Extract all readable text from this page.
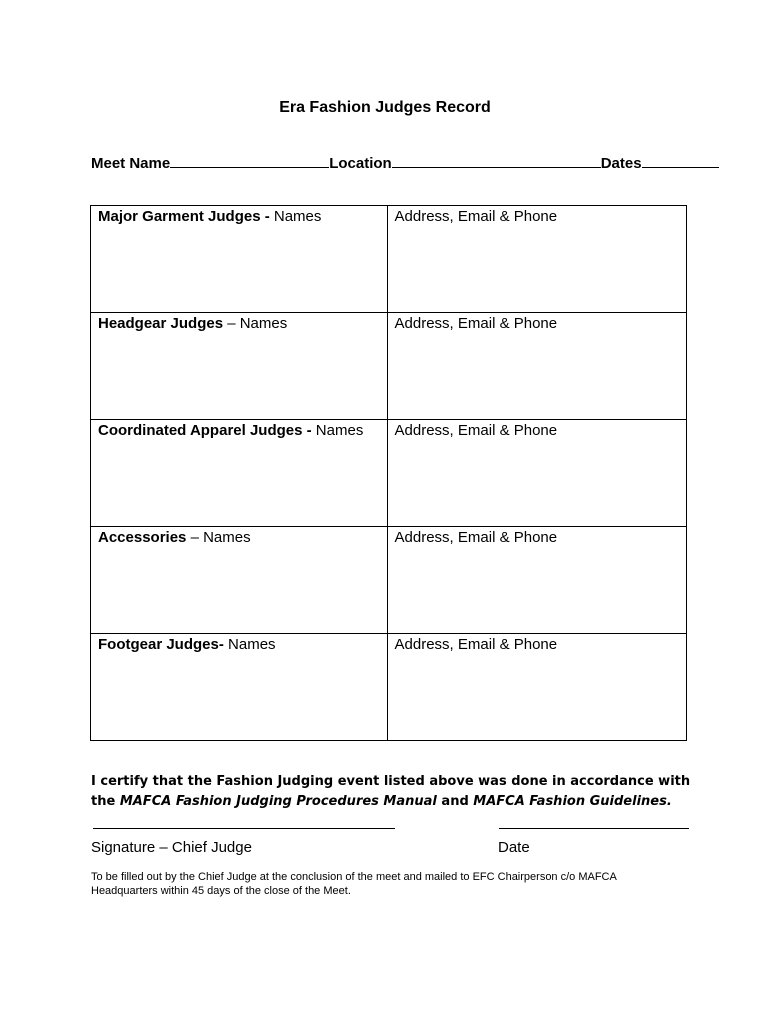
Era Fashion Judges Record
Meet Name	Location	Dates
Major Garment Judges - Names	Address, Email & Phone
Headgear Judges – Names	Address, Email & Phone
Coordinated Apparel Judges - Names	Address, Email & Phone
Accessories – Names	Address, Email & Phone
Footgear Judges- Names	Address, Email & Phone
I certify that the Fashion Judging event listed above was done in accordance with the MAFCA Fashion Judging Procedures Manual and MAFCA Fashion Guidelines.
Signature – Chief Judge	Date
To be filled out by the Chief Judge at the conclusion of the meet and mailed to EFC Chairperson c/o MAFCA Headquarters within 45 days of the close of the Meet.
